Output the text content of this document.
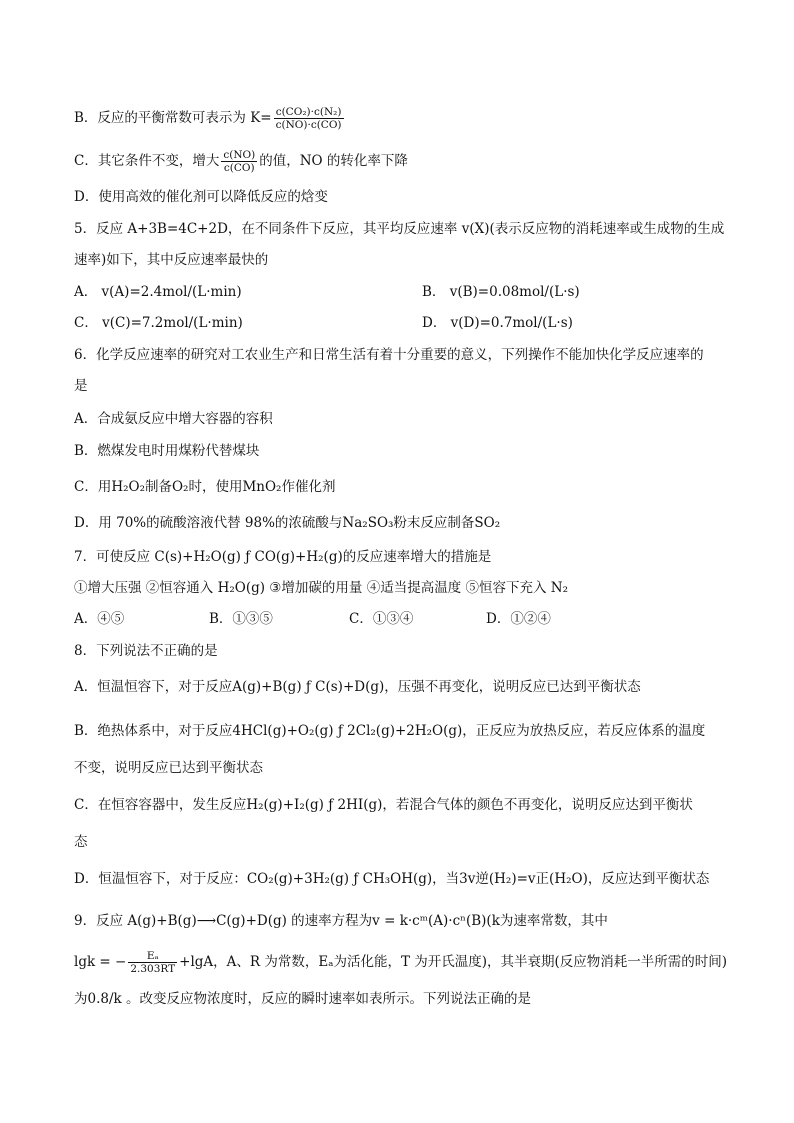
B．反应的平衡常数可表示为 $K= \frac{\text{c(CO₂)·c(N₂)}}{c(NO)\cdot c(CO)}$
C．其它条件不变，增大 $\frac{c(NO)}{c(CO)}$ 的值，NO 的转化率下降
D．使用高效的催化剂可以降低反应的焓变
5．反应 A+3B=4C+2D，在不同条件下反应，其平均反应速率 v(X)(表示反应物的消耗速率或生成物的生成
速率)如下，其中反应速率最快的
A． v(A)=2.4mol/(L·min)	B． v(B)=0.08mol/(L·s)
C． v(C)=7.2mol/(L·min)	D． v(D)=0.7mol/(L·s)
6．化学反应速率的研究对工农业生产和日常生活有着十分重要的意义，下列操作不能加快化学反应速率的
是
A．合成氨反应中增大容器的容积
B．燃煤发电时用煤粉代替煤块
C．用H₂O₂制备O₂时，使用MnO₂作催化剂
D．用 70%的硫酸溶液代替 98%的浓硫酸与Na₂SO₃粉末反应制备SO₂
7．可使反应 C(s)+H₂O(g) ƒ CO(g)+H₂(g)的反应速率增大的措施是
①增大压强 ②恒容通入 H₂O(g) ③增加碳的用量 ④适当提高温度 ⑤恒容下充入 N₂
A．④⑤	B．①③⑤	C．①③④	D．①②④
8．下列说法不正确的是
A．恒温恒容下，对于反应A(g)+B(g) ƒ C(s)+D(g)，压强不再变化，说明反应已达到平衡状态
B．绝热体系中，对于反应4HCl(g)+O₂(g) ƒ 2Cl₂(g)+2H₂O(g)，正反应为放热反应，若反应体系的温度
不变，说明反应已达到平衡状态
C．在恒容容器中，发生反应H₂(g)+I₂(g) ƒ 2HI(g)，若混合气体的颜色不再变化，说明反应达到平衡状
态
D．恒温恒容下，对于反应：CO₂(g)+3H₂(g) ƒ CH₃OH(g)，当3v逆(H₂)=v正(H₂O)，反应达到平衡状态
9．反应 A(g)+B(g)⟶C(g)+D(g) 的速率方程为v = k·cᵐ(A)·cⁿ(B)(k为速率常数，其中
lgk = − $\frac{\text{Eₐ}}{2.303RT} +\lg A$，A、R 为常数，Eₐ为活化能，T 为开氏温度)，其半衰期(反应物消耗一半所需的时间)
为0.8/k 。改变反应物浓度时，反应的瞬时速率如表所示。下列说法正确的是
